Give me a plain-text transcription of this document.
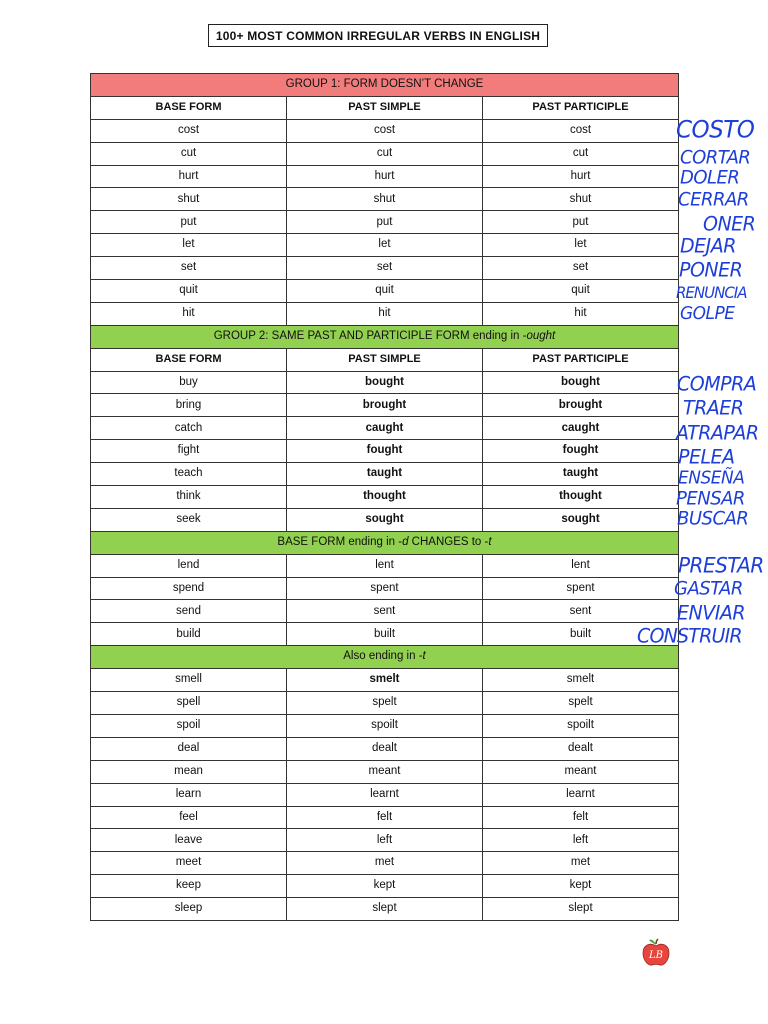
100+ MOST COMMON IRREGULAR VERBS IN ENGLISH
GROUP 1: FORM DOESN’T CHANGE		
BASE FORM	PAST SIMPLE	PAST PARTICIPLE
cost	cost	cost
cut	cut	cut
hurt	hurt	hurt
shut	shut	shut
put	put	put
let	let	let
set	set	set
quit	quit	quit
hit	hit	hit
GROUP 2: SAME PAST AND PARTICIPLE FORM ending in -ought		
BASE FORM	PAST SIMPLE	PAST PARTICIPLE
buy	bought	bought
bring	brought	brought
catch	caught	caught
fight	fought	fought
teach	taught	taught
think	thought	thought
seek	sought	sought
BASE FORM ending in -d CHANGES to -t		
lend	lent	lent
spend	spent	spent
send	sent	sent
build	built	built
Also ending in -t		
smell	smelt	smelt
spell	spelt	spelt
spoil	spoilt	spoilt
deal	dealt	dealt
mean	meant	meant
learn	learnt	learnt
feel	felt	felt
leave	left	left
meet	met	met
keep	kept	kept
sleep	slept	slept
COSTO
CORTAR
DOLER
CERRAR
ONER
DEJAR
PONER
RENUNCIA
GOLPE
COMPRA
TRAER
ATRAPAR
PELEA
ENSEÑA
PENSAR
BUSCAR
PRESTAR
GASTAR
ENVIAR
CONSTRUIR
LB
